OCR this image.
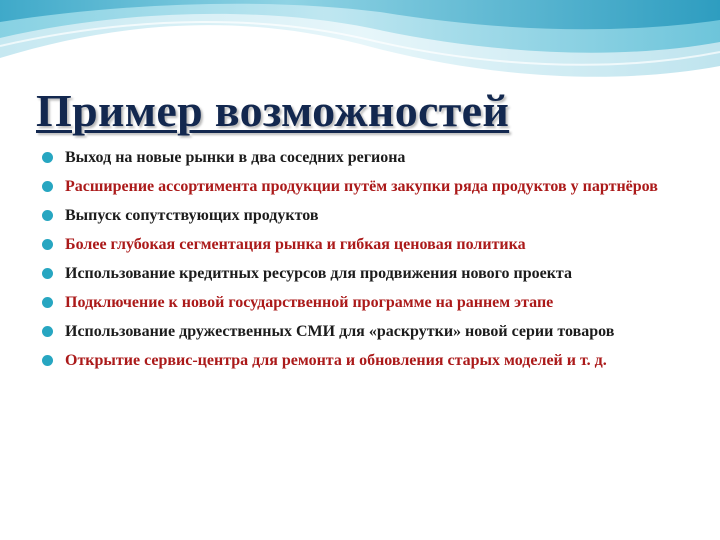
Пример возможностей
Выход на новые рынки в два соседних региона
Расширение ассортимента продукции путём закупки ряда продуктов у партнёров
Выпуск сопутствующих продуктов
Более глубокая сегментация рынка и гибкая ценовая политика
Использование кредитных ресурсов для продвижения нового проекта
Подключение к новой государственной программе на раннем этапе
Использование дружественных СМИ для «раскрутки» новой серии товаров
Открытие сервис-центра для ремонта и обновления старых моделей и т. д.
